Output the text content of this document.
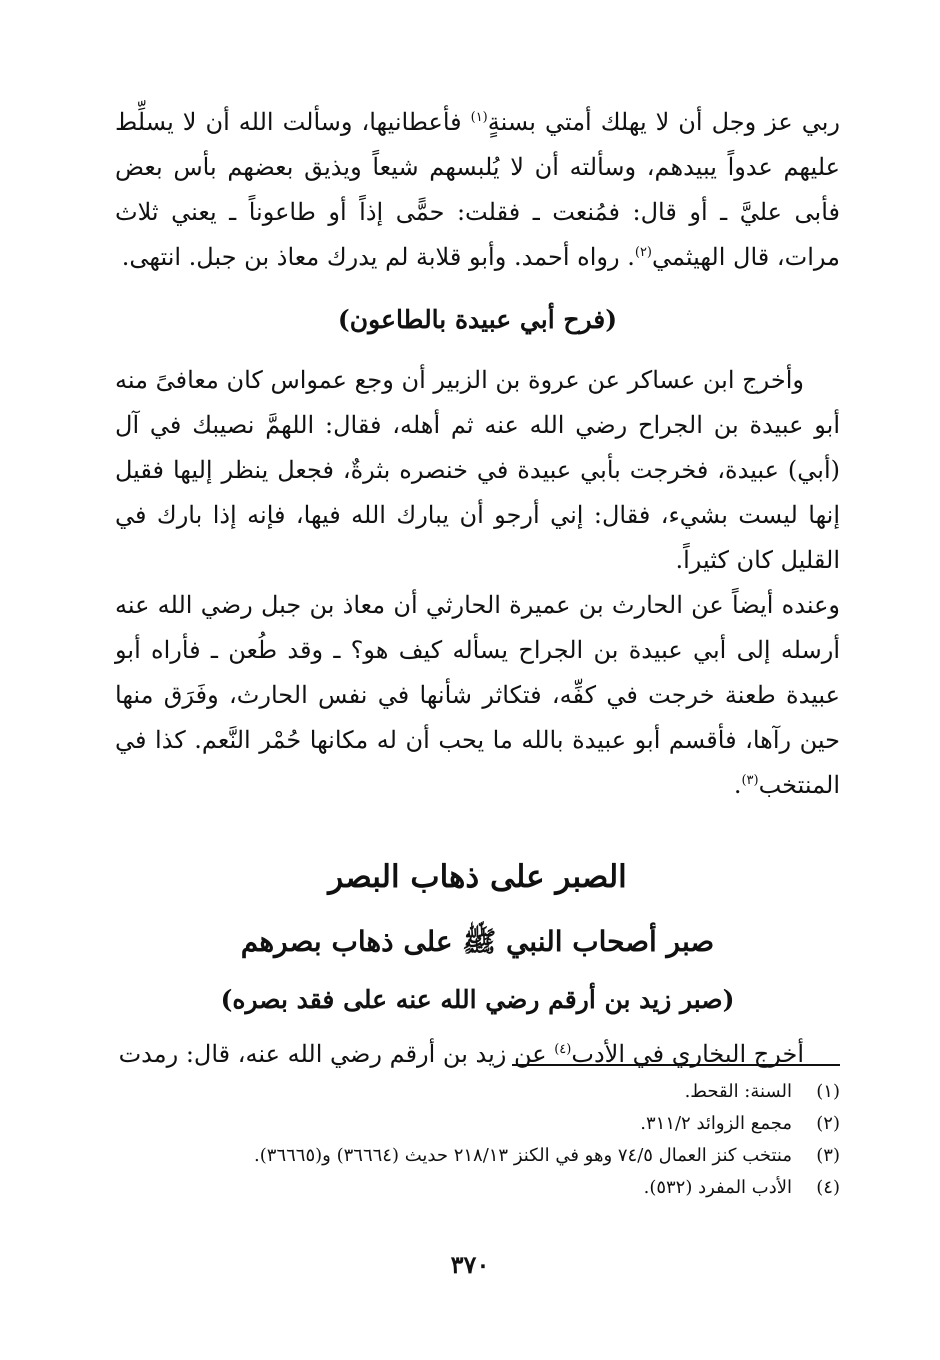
ربي عز وجل أن لا يهلك أمتي بسنةٍ$^{(١)}$ فأعطانيها، وسألت الله أن لا يسلِّط عليهم عدواً يبيدهم، وسألته أن لا يُلبسهم شيعاً ويذيق بعضهم بأس بعض فأبى عليَّ ـ أو قال: فمُنعت ـ فقلت: حمًّى إذاً أو طاعوناً ـ يعني ثلاث مرات، قال الهيثمي$^{(٢)}$. رواه أحمد. وأبو قلابة لم يدرك معاذ بن جبل. انتهى.

(فرح أبي عبيدة بالطاعون)

وأخرج ابن عساكر عن عروة بن الزبير أن وجع عمواس كان معافىً منه أبو عبيدة بن الجراح رضي الله عنه ثم أهله، فقال: اللهمَّ نصيبك في آل (أبي) عبيدة، فخرجت بأبي عبيدة في خنصره بثرةٌ، فجعل ينظر إليها فقيل إنها ليست بشيء، فقال: إني أرجو أن يبارك الله فيها، فإنه إذا بارك في القليل كان كثيراً.

وعنده أيضاً عن الحارث بن عميرة الحارثي أن معاذ بن جبل رضي الله عنه أرسله إلى أبي عبيدة بن الجراح يسأله كيف هو؟ ـ وقد طُعن ـ فأراه أبو عبيدة طعنة خرجت في كفِّه، فتكاثر شأنها في نفس الحارث، وفَرَق منها حين رآها، فأقسم أبو عبيدة بالله ما يحب أن له مكانها حُمْر النَّعم. كذا في المنتخب$^{(٣)}$.

الصبر على ذهاب البصر
صبر أصحاب النبي ﷺ على ذهاب بصرهم
(صبر زيد بن أرقم رضي الله عنه على فقد بصره)

أخرج البخاري في الأدب$^{(٤)}$ عن زيد بن أرقم رضي الله عنه، قال: رمدت

(١)
السنة: القحط.
(٢)
مجمع الزوائد ٣١١/٢.
(٣)
منتخب كنز العمال ٧٤/٥ وهو في الكنز ٢١٨/١٣ حديث (٣٦٦٦٤) و(٣٦٦٦٥).
(٤)
الأدب المفرد (٥٣٢).
٣٧٠
